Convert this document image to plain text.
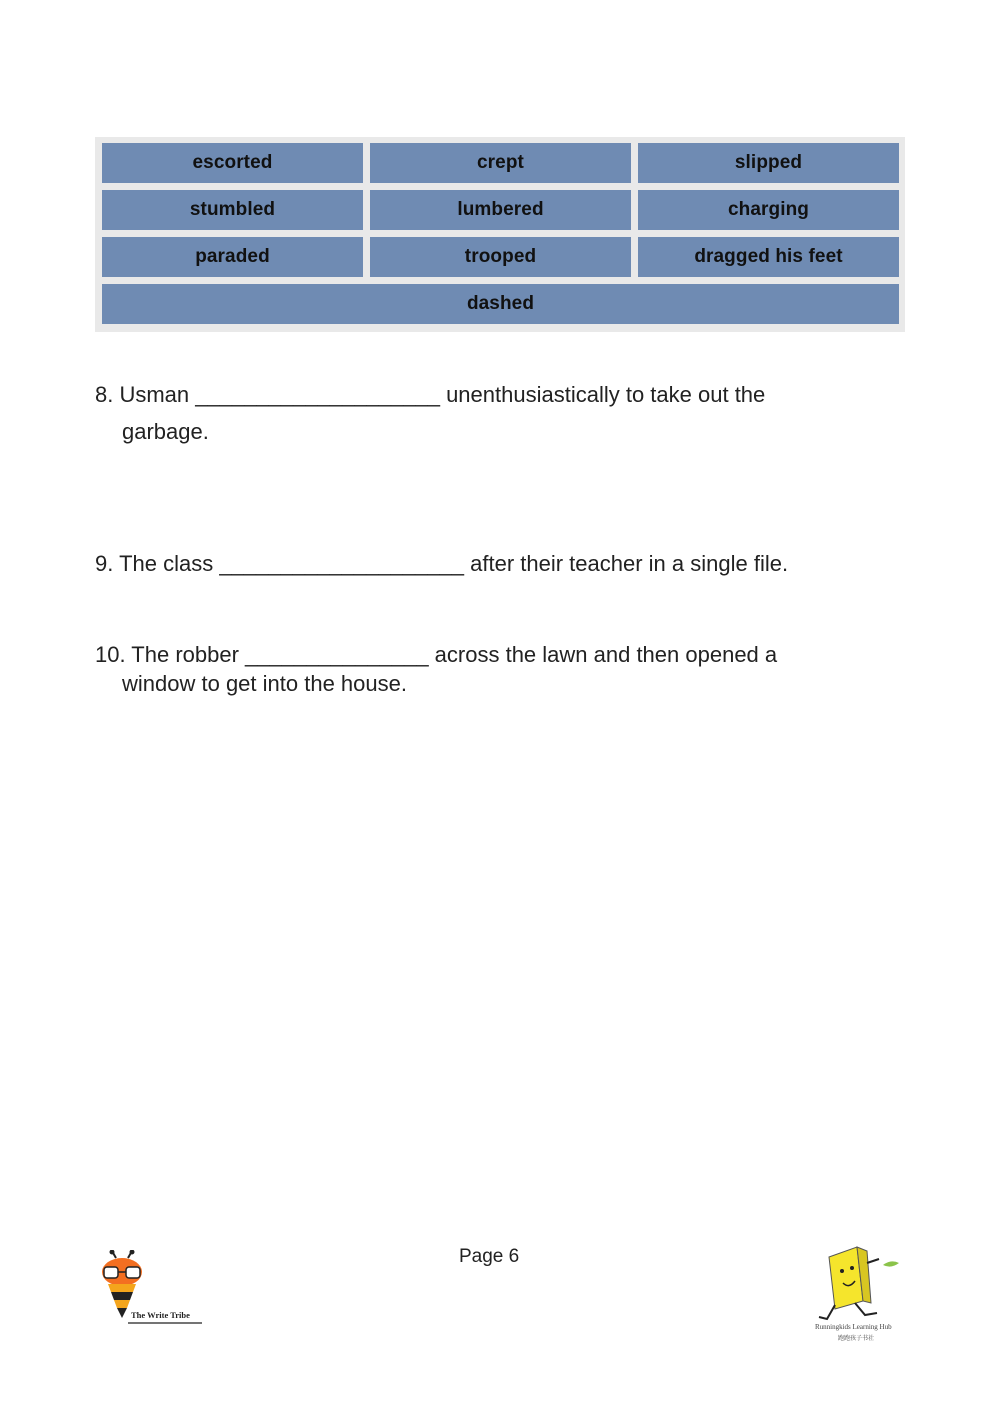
escorted	crept	slipped
stumbled	lumbered	charging
paraded	trooped	dragged his feet
dashed
8. Usman ____________________ unenthusiastically to take out the
garbage.
9. The class ____________________ after their teacher in a single file.
10. The robber _______________ across the lawn and then opened a
window to get into the house.
Page 6
The Write Tribe
Runningkids Learning Hub
跑跑孩子书社
